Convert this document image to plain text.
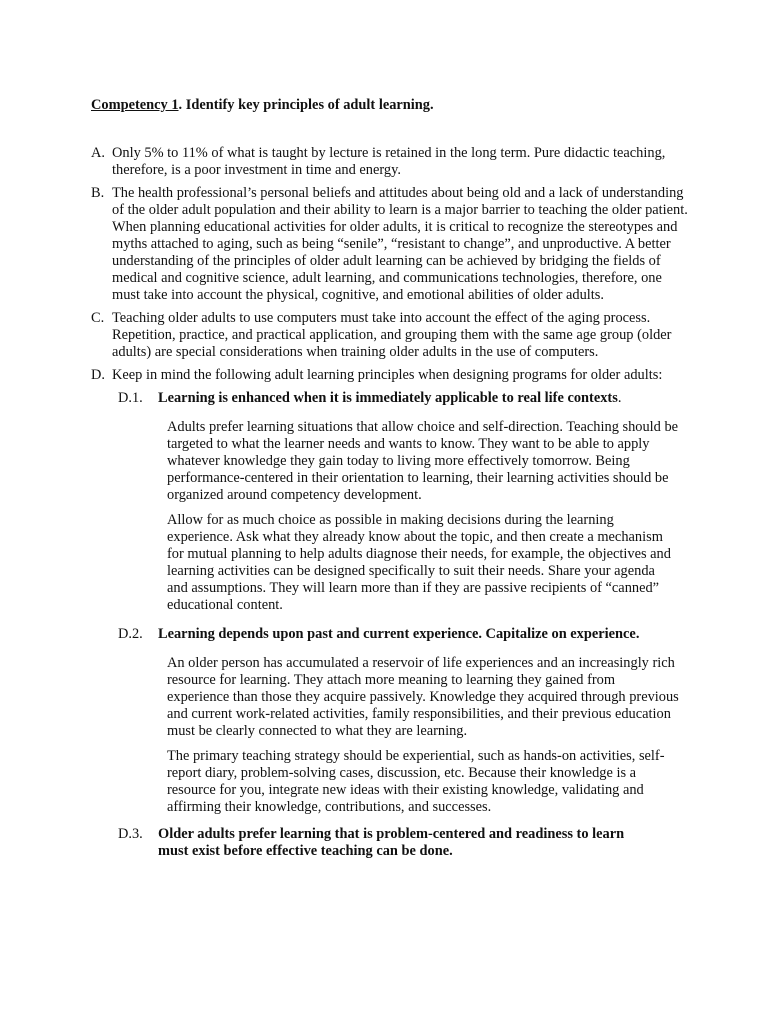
Competency 1. Identify key principles of adult learning.
A. Only 5% to 11% of what is taught by lecture is retained in the long term. Pure didactic teaching, therefore, is a poor investment in time and energy.
B. The health professional’s personal beliefs and attitudes about being old and a lack of understanding of the older adult population and their ability to learn is a major barrier to teaching the older patient. When planning educational activities for older adults, it is critical to recognize the stereotypes and myths attached to aging, such as being “senile”, “resistant to change”, and unproductive. A better understanding of the principles of older adult learning can be achieved by bridging the fields of medical and cognitive science, adult learning, and communications technologies, therefore, one must take into account the physical, cognitive, and emotional abilities of older adults.
C. Teaching older adults to use computers must take into account the effect of the aging process. Repetition, practice, and practical application, and grouping them with the same age group (older adults) are special considerations when training older adults in the use of computers.
D. Keep in mind the following adult learning principles when designing programs for older adults:
D.1.	Learning is enhanced when it is immediately applicable to real life contexts.
Adults prefer learning situations that allow choice and self-direction. Teaching should be targeted to what the learner needs and wants to know. They want to be able to apply whatever knowledge they gain today to living more effectively tomorrow. Being performance-centered in their orientation to learning, their learning activities should be organized around competency development.
Allow for as much choice as possible in making decisions during the learning experience. Ask what they already know about the topic, and then create a mechanism for mutual planning to help adults diagnose their needs, for example, the objectives and learning activities can be designed specifically to suit their needs. Share your agenda and assumptions. They will learn more than if they are passive recipients of “canned” educational content.
D.2.	Learning depends upon past and current experience. Capitalize on experience.
An older person has accumulated a reservoir of life experiences and an increasingly rich resource for learning. They attach more meaning to learning they gained from experience than those they acquire passively. Knowledge they acquired through previous and current work-related activities, family responsibilities, and their previous education must be clearly connected to what they are learning.
The primary teaching strategy should be experiential, such as hands-on activities, self-report diary, problem-solving cases, discussion, etc. Because their knowledge is a resource for you, integrate new ideas with their existing knowledge, validating and affirming their knowledge, contributions, and successes.
D.3.	Older adults prefer learning that is problem-centered and readiness to learn must exist before effective teaching can be done.
